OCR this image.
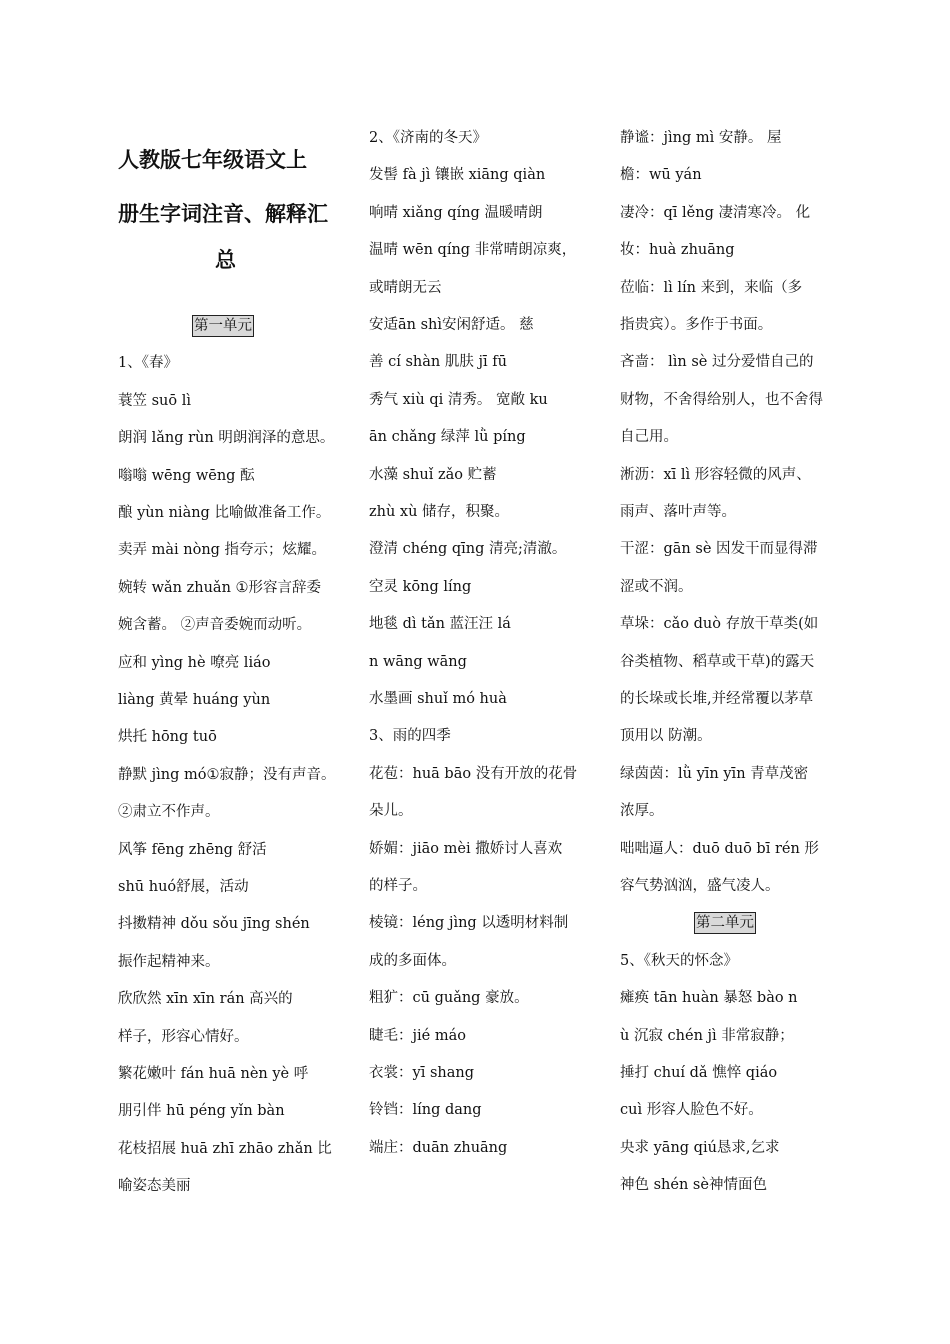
人教版七年级语文上
册生字词注音、解释汇
总
第一单元
1、《春》
蓑笠 suō lì
朗润 lǎng rùn 明朗润泽的意思。
嗡嗡 wēng wēng 酝
酿 yùn niàng 比喻做准备工作。
卖弄 mài nòng 指夸示；炫耀。
婉转 wǎn zhuǎn ①形容言辞委
婉含蓄。 ②声音委婉而动听。
应和 yìng hè 嘹亮 liáo
liàng 黄晕 huáng yùn
烘托 hōng tuō
静默 jìng mó①寂静；没有声音。
②肃立不作声。
风筝 fēng zhēng 舒活
shū huó舒展，活动
抖擞精神 dǒu sǒu jīng shén
振作起精神来。
欣欣然 xīn xīn rán 高兴的
样子，形容心情好。
繁花嫩叶 fán huā nèn yè 呼
朋引伴 hū péng yǐn bàn
花枝招展 huā zhī zhāo zhǎn 比
喻姿态美丽
2、《济南的冬天》
发髻 fà jì 镶嵌 xiāng qiàn
响晴 xiǎng qíng 温暖晴朗
温晴 wēn qíng 非常晴朗凉爽，
或晴朗无云
安适ān shì安闲舒适。 慈
善 cí shàn 肌肤 jī fū
秀气 xiù qi 清秀。 宽敞 ku
ān chǎng 绿萍 lǜ píng
水藻 shuǐ zǎo 贮蓄
zhù xù 储存，积聚。
澄清 chéng qīng 清亮;清澈。
空灵 kōng líng
地毯 dì tǎn 蓝汪汪 lá
n wāng wāng
水墨画 shuǐ mó huà
3、雨的四季
花苞：huā bāo 没有开放的花骨
朵儿。
娇媚：jiāo mèi 撒娇讨人喜欢
的样子。
棱镜：léng jìng 以透明材料制
成的多面体。
粗犷：cū guǎng 豪放。
睫毛：jié máo
衣裳：yī shang
铃铛：líng dang
端庄：duān zhuāng
静谧：jìng mì 安静。 屋
檐：wū yán
凄冷：qī lěng 凄清寒冷。 化
妆：huà zhuāng
莅临：lì lín 来到，来临（多
指贵宾）。多作于书面。
吝啬： lìn sè 过分爱惜自己的
财物，不舍得给别人，也不舍得
自己用。
淅沥：xī lì 形容轻微的风声、
雨声、落叶声等。
干涩：gān sè 因发干而显得滞
涩或不润。
草垛：cǎo duò 存放干草类(如
谷类植物、稻草或干草)的露天
的长垛或长堆,并经常覆以茅草
顶用以 防潮。
绿茵茵：lǜ yīn yīn 青草茂密
浓厚。
咄咄逼人：duō duō bī rén 形
容气势汹汹，盛气凌人。
第二单元
5、《秋天的怀念》
瘫痪 tān huàn 暴怒 bào n
ù 沉寂 chén jì 非常寂静；
捶打 chuí dǎ 憔悴 qiáo
cuì 形容人脸色不好。
央求 yāng qiú恳求,乞求
神色 shén sè神情面色
